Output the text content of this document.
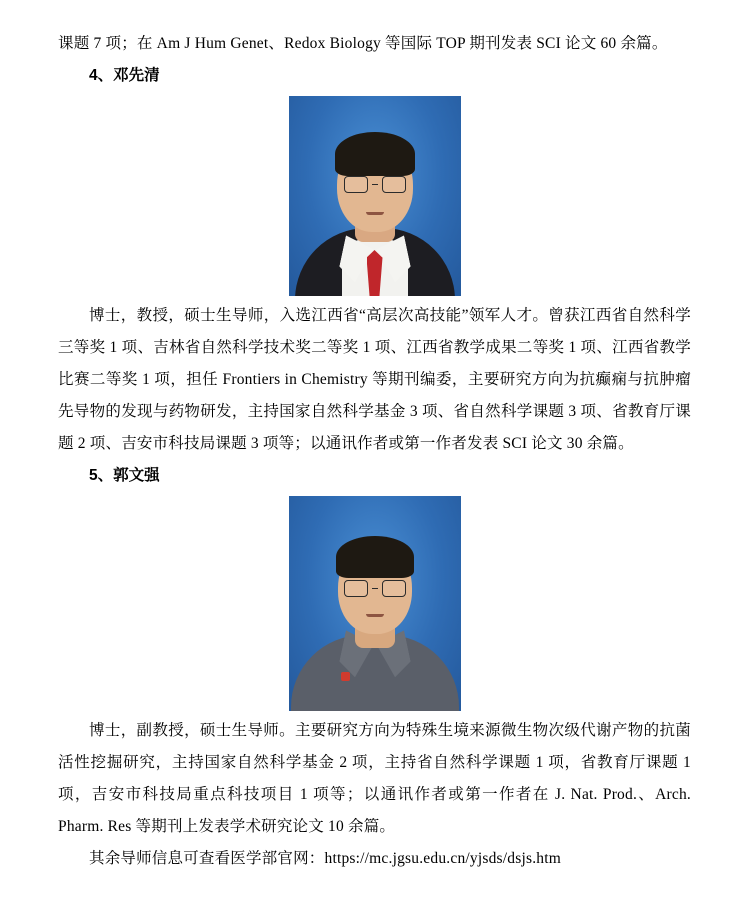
课题 7 项；在 Am J Hum Genet、Redox Biology 等国际 TOP 期刊发表 SCI 论文 60 余篇。

4、邓先清

博士，教授，硕士生导师，入选江西省“高层次高技能”领军人才。曾获江西省自然科学三等奖 1 项、吉林省自然科学技术奖二等奖 1 项、江西省教学成果二等奖 1 项、江西省教学比赛二等奖 1 项，担任 Frontiers in Chemistry 等期刊编委，主要研究方向为抗癫痫与抗肿瘤先导物的发现与药物研发，主持国家自然科学基金 3 项、省自然科学课题 3 项、省教育厅课题 2 项、吉安市科技局课题 3 项等；以通讯作者或第一作者发表 SCI 论文 30 余篇。

5、郭文强

博士，副教授，硕士生导师。主要研究方向为特殊生境来源微生物次级代谢产物的抗菌活性挖掘研究，主持国家自然科学基金 2 项，主持省自然科学课题 1 项，省教育厅课题 1 项，吉安市科技局重点科技项目 1 项等；以通讯作者或第一作者在 J. Nat. Prod.、Arch. Pharm. Res 等期刊上发表学术研究论文 10 余篇。

其余导师信息可查看医学部官网：https://mc.jgsu.edu.cn/yjsds/dsjs.htm
